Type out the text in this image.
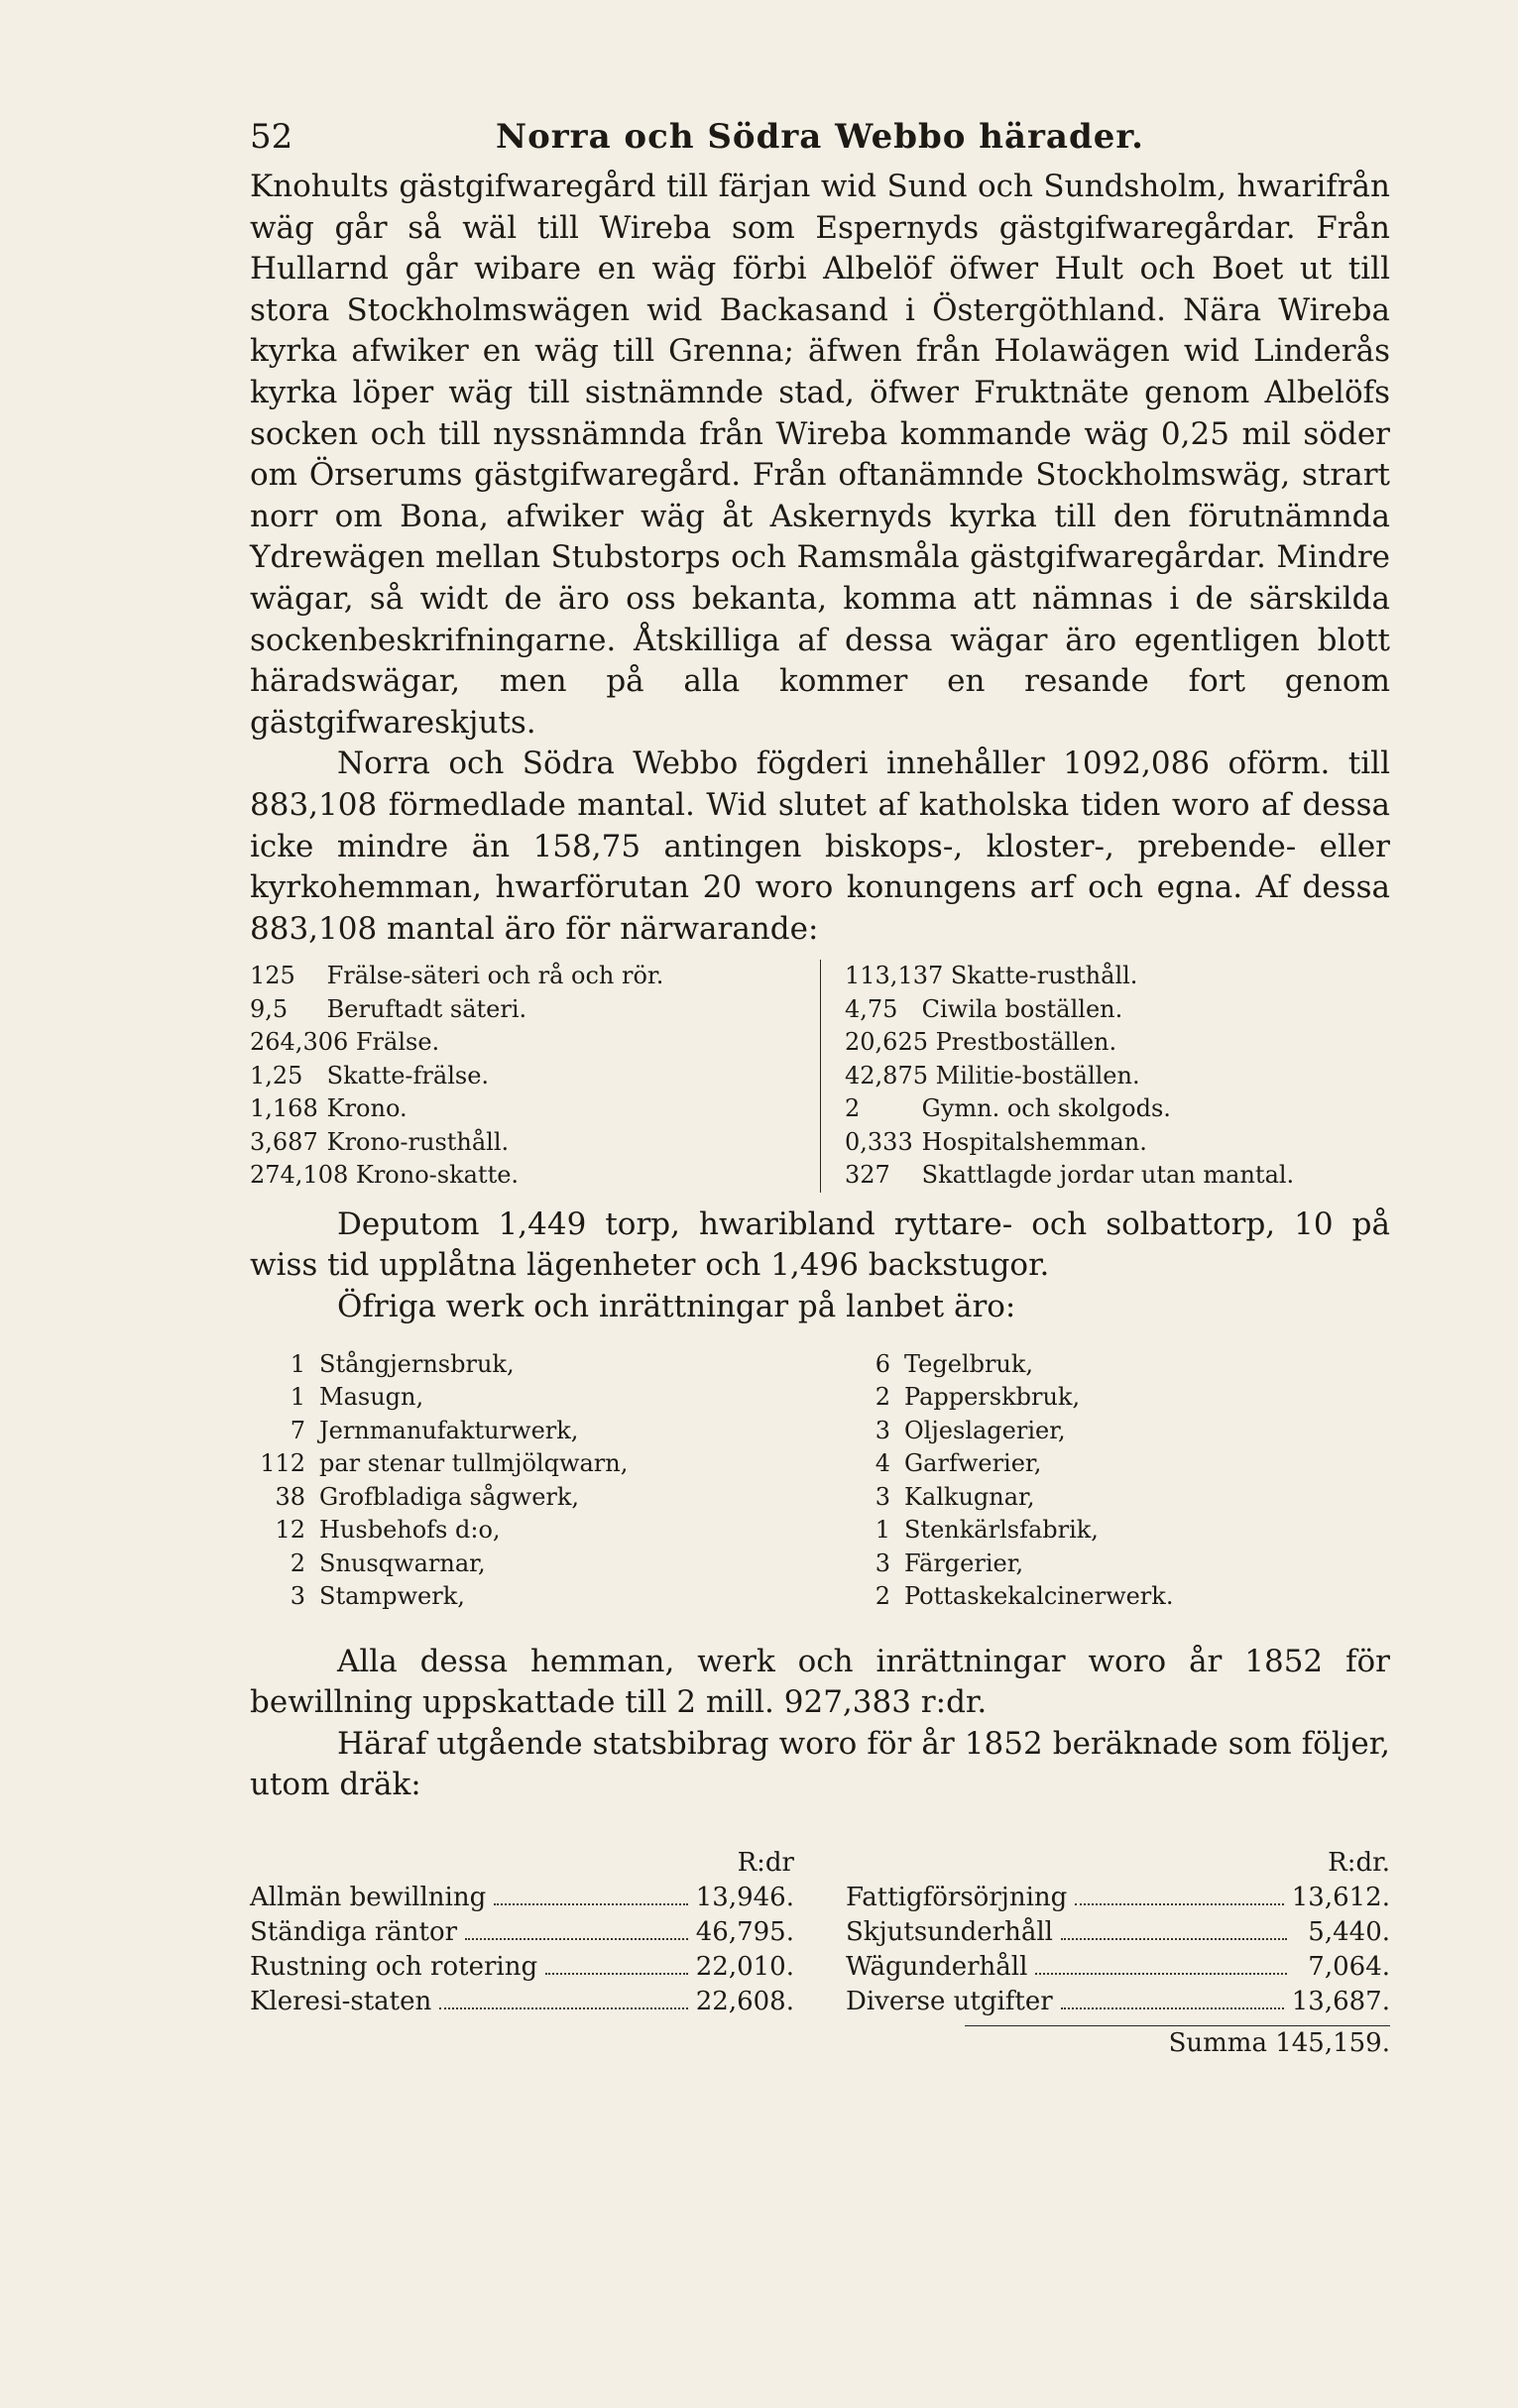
52	Norra och Södra Webbo härader.

Knohults gästgifwaregård till färjan wid Sund och Sundsholm, hwarifrån wäg går så wäl till Wireba som Espernyds gästgifwaregårdar. Från Hullarnd går wibare en wäg förbi Albelöf öfwer Hult och Boet ut till stora Stockholmswägen wid Backasand i Östergöthland. Nära Wireba kyrka afwiker en wäg till Grenna; äfwen från Holawägen wid Linderås kyrka löper wäg till sistnämnde stad, öfwer Fruktnäte genom Albelöfs socken och till nyssnämnda från Wireba kommande wäg 0,25 mil söder om Örserums gästgifwaregård. Från oftanämnde Stockholmswäg, strart norr om Bona, afwiker wäg åt Askernyds kyrka till den förutnämnda Ydrewägen mellan Stubstorps och Ramsmåla gästgifwaregårdar. Mindre wägar, så widt de äro oss bekanta, komma att nämnas i de särskilda sockenbeskrifningarne. Åtskilliga af dessa wägar äro egentligen blott häradswägar, men på alla kommer en resande fort genom gästgifwareskjuts.

Norra och Södra Webbo fögderi innehåller 1092,086 oförm. till 883,108 förmedlade mantal. Wid slutet af katholska tiden woro af dessa icke mindre än 158,75 antingen biskops-, kloster-, prebende- eller kyrkohemman, hwarförutan 20 woro konungens arf och egna. Af dessa 883,108 mantal äro för närwarande:

125 Frälse-säteri och rå och rör.
9,5 Beruftadt säteri.
264,306 Frälse.
1,25 Skatte-frälse.
1,168 Krono.
3,687 Krono-rusthåll.
274,108 Krono-skatte.
113,137 Skatte-rusthåll.
4,75 Ciwila boställen.
20,625 Prestboställen.
42,875 Militie-boställen.
2	Gymn. och skolgods.
0,333 Hospitalshemman.
327 Skattlagde jordar utan mantal.

Deputom 1,449 torp, hwaribland ryttare- och solbattorp, 10 på wiss tid upplåtna lägenheter och 1,496 backstugor.

Öfriga werk och inrättningar på lanbet äro:

1 Stångjernsbruk,
1 Masugn,
7 Jernmanufakturwerk,
112 par stenar tullmjölqwarn,
38 Grofbladiga sågwerk,
12 Husbehofs d:o,
2 Snusqwarnar,
3 Stampwerk,
6 Tegelbruk,
2 Papperskbruk,
3 Oljeslagerier,
4 Garfwerier,
3 Kalkugnar,
1 Stenkärlsfabrik,
3 Färgerier,
2 Pottaskekalcinerwerk.

Alla dessa hemman, werk och inrättningar woro år 1852 för bewillning uppskattade till 2 mill. 927,383 r:dr.

Häraf utgående statsbibrag woro för år 1852 beräknade som följer, utom dräk:

R:dr
Allmän bewillning	13,946.
Ständiga räntor	46,795.
Rustning och rotering	22,010.
Kleresi-staten	22,608.
R:dr.
Fattigförsörjning	13,612.
Skjutsunderhåll	5,440.
Wägunderhåll	7,064.
Diverse utgifter	13,687.
Summa 145,159.
